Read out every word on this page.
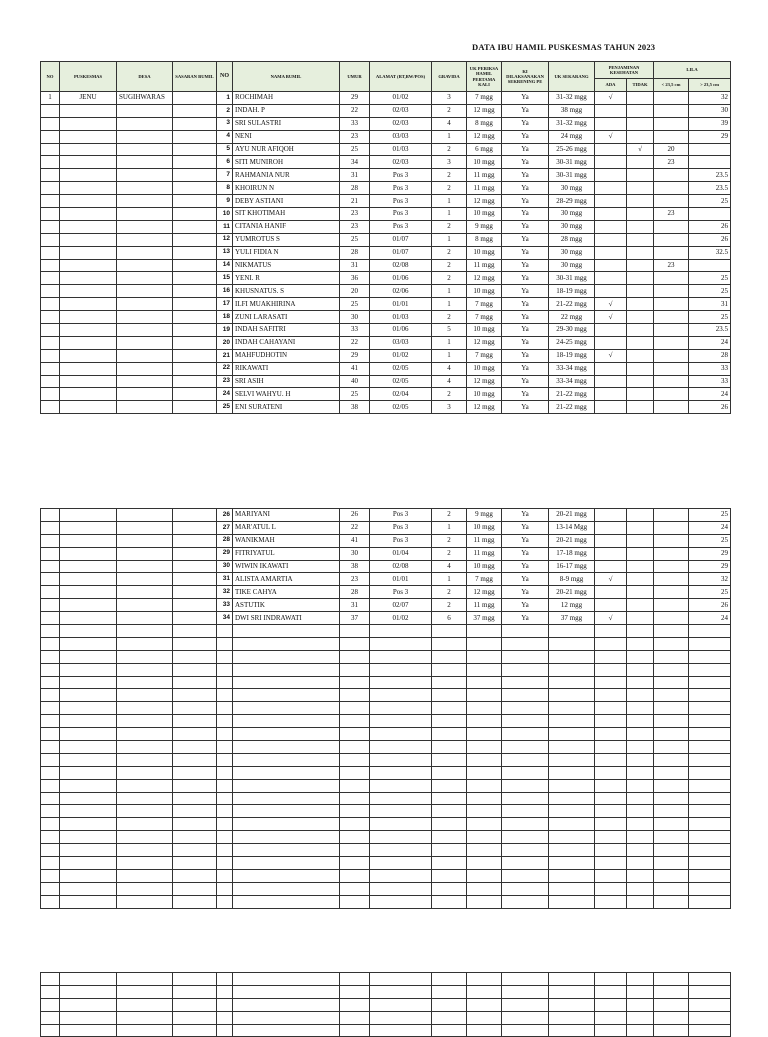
DATA IBU HAMIL PUSKESMAS TAHUN 2023
NO	PUSKESMAS	DESA	SASARAN BUMIL	NO	NAMA BUMIL	UMUR	ALAMAT (RT,RW/POS)	GRAVIDA	UK PERIKSA HAMIL PERTAMA KALI	KI DILAKSANAKAN SEKRENING PE	UK SEKARANG	PENJAMINAN KESEHATAN		LILA	
												ADA	TIDAK	< 23,5 cm	> 23,5 cm
1	JENU	SUGIHWARAS		1	ROCHIMAH	29	01/02	3	7 mgg	Ya	31-32 mgg	√			32
				2	INDAH. P	22	02/03	2	12 mgg	Ya	38 mgg				30
				3	SRI SULASTRI	33	02/03	4	8 mgg	Ya	31-32 mgg				39
				4	NENI	23	03/03	1	12 mgg	Ya	24 mgg	√			29
				5	AYU NUR AFIQOH	25	01/03	2	6 mgg	Ya	25-26 mgg		√	20	
				6	SITI MUNIROH	34	02/03	3	10 mgg	Ya	30-31 mgg			23	
				7	RAHMANIA NUR	31	Pos 3	2	11 mgg	Ya	30-31 mgg				23.5
				8	KHOIRUN N	28	Pos 3	2	11 mgg	Ya	30 mgg				23.5
				9	DEBY ASTIANI	21	Pos 3	1	12 mgg	Ya	28-29 mgg				25
				10	SIT KHOTIMAH	23	Pos 3	1	10 mgg	Ya	30 mgg			23	
				11	CITANIA HANIF	23	Pos 3	2	9 mgg	Ya	30 mgg				26
				12	YUMROTUS S	25	01/07	1	8 mgg	Ya	28 mgg				26
				13	YULI FIDIA N	28	01/07	2	10 mgg	Ya	30 mgg				32.5
				14	NIKMATUS	31	02/08	2	11 mgg	Ya	30 mgg			23	
				15	YENI. R	36	01/06	2	12 mgg	Ya	30-31 mgg				25
				16	KHUSNATUS. S	20	02/06	1	10 mgg	Ya	18-19 mgg				25
				17	ILFI MUAKHIRINA	25	01/01	1	7 mgg	Ya	21-22 mgg	√			31
				18	ZUNI LARASATI	30	01/03	2	7 mgg	Ya	22 mgg	√			25
				19	INDAH SAFITRI	33	01/06	5	10 mgg	Ya	29-30 mgg				23.5
				20	INDAH CAHAYANI	22	03/03	1	12 mgg	Ya	24-25 mgg				24
				21	MAHFUDHOTIN	29	01/02	1	7 mgg	Ya	18-19 mgg	√			28
				22	RIKAWATI	41	02/05	4	10 mgg	Ya	33-34 mgg				33
				23	SRI ASIH	40	02/05	4	12 mgg	Ya	33-34 mgg				33
				24	SELVI WAHYU. H	25	02/04	2	10 mgg	Ya	21-22 mgg				24
				25	ENI SURATENI	38	02/05	3	12 mgg	Ya	21-22 mgg				26
				26	MARIYANI	26	Pos 3	2	9 mgg	Ya	20-21 mgg				25
				27	MAR'ATUL L	22	Pos 3	1	10 mgg	Ya	13-14 Mgg				24
				28	WANIKMAH	41	Pos 3	2	11 mgg	Ya	20-21 mgg				25
				29	FITRIYATUL	30	01/04	2	11 mgg	Ya	17-18 mgg				29
				30	WIWIN IKAWATI	38	02/08	4	10 mgg	Ya	16-17 mgg				29
				31	ALISTA AMARTIA	23	01/01	1	7 mgg	Ya	8-9 mgg	√			32
				32	TIKE CAHYA	28	Pos 3	2	12 mgg	Ya	20-21 mgg				25
				33	ASTUTIK	31	02/07	2	11 mgg	Ya	12 mgg				26
				34	DWI SRI INDRAWATI	37	01/02	6	37 mgg	Ya	37 mgg	√			24
